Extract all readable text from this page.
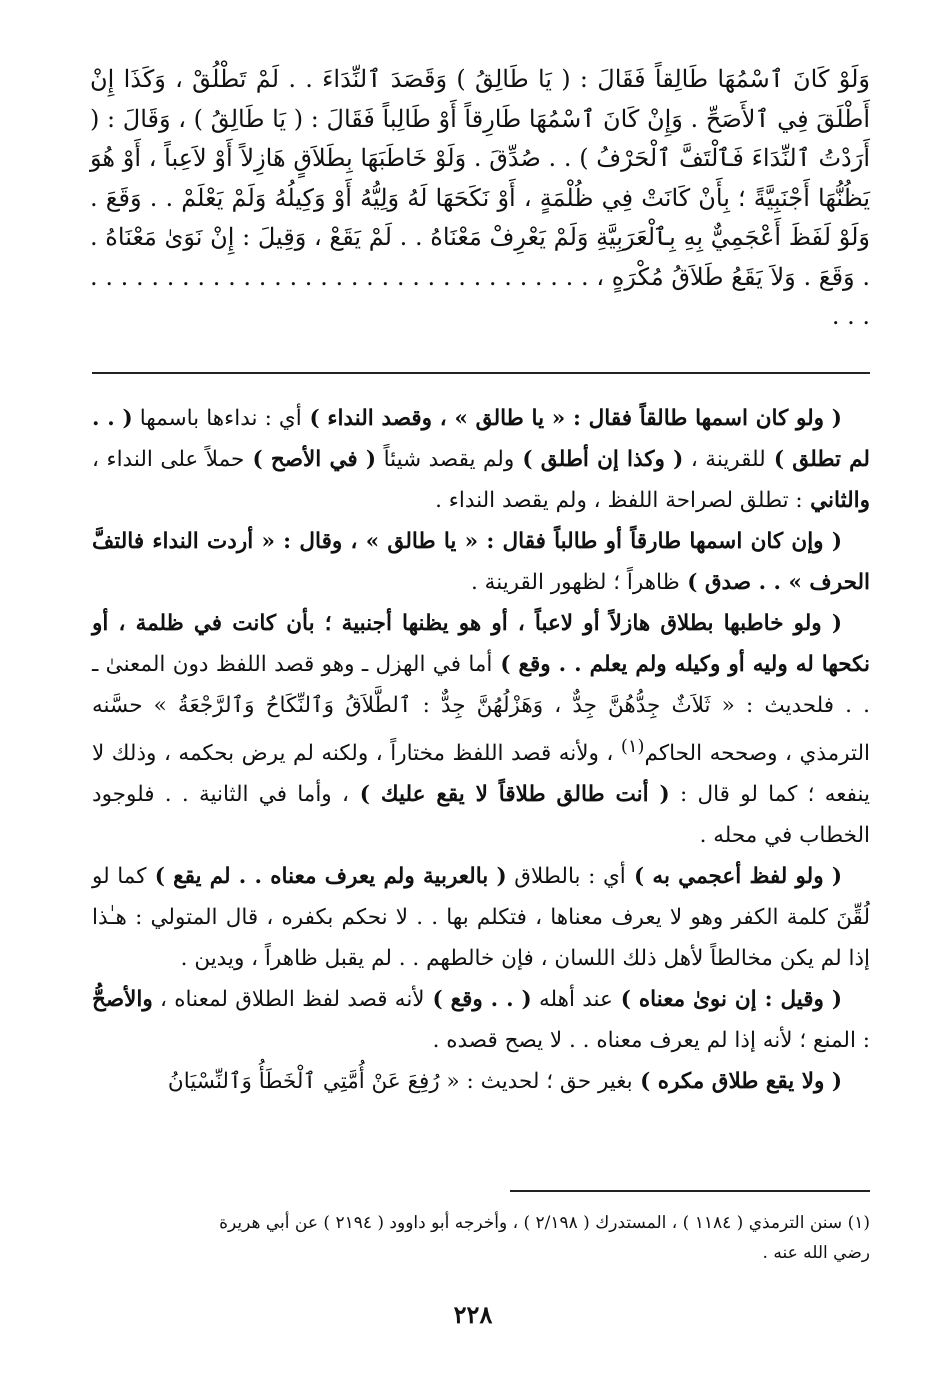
وَلَوْ كَانَ ٱسْمُهَا طَالِقاً فَقَالَ : ( يَا طَالِقُ ) وَقَصَدَ ٱلنِّدَاءَ . . لَمْ تَطْلُقْ ، وَكَذَا إِنْ أَطْلَقَ فِي ٱلأَصَحِّ . وَإِنْ كَانَ ٱسْمُهَا طَارِقاً أَوْ طَالِباً فَقَالَ : ( يَا طَالِقُ ) ، وَقَالَ : ( أَرَدْتُ ٱلنِّدَاءَ فَٱلْتَفَّ ٱلْحَرْفُ ) . . صُدِّقَ . وَلَوْ خَاطَبَهَا بِطَلاَقٍ هَازِلاً أَوْ لاَعِباً ، أَوْ هُوَ يَظُنُّهَا أَجْنَبِيَّةً ؛ بِأَنْ كَانَتْ فِي ظُلْمَةٍ ، أَوْ نَكَحَهَا لَهُ وَلِيُّهُ أَوْ وَكِيلُهُ وَلَمْ يَعْلَمْ . . وَقَعَ . وَلَوْ لَفَظَ أَعْجَمِيٌّ بِهِ بِٱلْعَرَبِيَّةِ وَلَمْ يَعْرِفْ مَعْنَاهُ . . لَمْ يَقَعْ ، وَقِيلَ : إِنْ نَوَىٰ مَعْنَاهُ . . وَقَعَ . وَلاَ يَقَعُ طَلاَقُ مُكْرَهٍ ، . . . . . . . . . . . . . . . . . . . . . . . . . . . . . . . . . . . .

( ولو كان اسمها طالقاً فقال : « يا طالق » ، وقصد النداء ) أي : نداءها باسمها ( . . لم تطلق ) للقرينة ، ( وكذا إن أطلق ) ولم يقصد شيئاً ( في الأصح ) حملاً على النداء ، والثاني : تطلق لصراحة اللفظ ، ولم يقصد النداء .

( وإن كان اسمها طارقاً أو طالباً فقال : « يا طالق » ، وقال : « أردت النداء فالتفَّ الحرف » . . صدق ) ظاهراً ؛ لظهور القرينة .

( ولو خاطبها بطلاق هازلاً أو لاعباً ، أو هو يظنها أجنبية ؛ بأن كانت في ظلمة ، أو نكحها له وليه أو وكيله ولم يعلم . . وقع ) أما في الهزل ـ وهو قصد اللفظ دون المعنىٰ ـ . . فلحديث : « ثَلاَثٌ جِدُّهُنَّ جِدٌّ ، وَهَزْلُهُنَّ جِدٌّ : ٱلطَّلاَقُ وَٱلنِّكَاحُ وَٱلرَّجْعَةُ » حسَّنه الترمذي ، وصححه الحاكم$^{(١)}$ ، ولأنه قصد اللفظ مختاراً ، ولكنه لم يرض بحكمه ، وذلك لا ينفعه ؛ كما لو قال : ( أنت طالق طلاقاً لا يقع عليك ) ، وأما في الثانية . . فلوجود الخطاب في محله .

( ولو لفظ أعجمي به ) أي : بالطلاق ( بالعربية ولم يعرف معناه . . لم يقع ) كما لو لُقِّنَ كلمة الكفر وهو لا يعرف معناها ، فتكلم بها . . لا نحكم بكفره ، قال المتولي : هـٰذا إذا لم يكن مخالطاً لأهل ذلك اللسان ، فإن خالطهم . . لم يقبل ظاهراً ، ويدين .

( وقيل : إن نوىٰ معناه ) عند أهله ( . . وقع ) لأنه قصد لفظ الطلاق لمعناه ، والأصحُّ : المنع ؛ لأنه إذا لم يعرف معناه . . لا يصح قصده .

( ولا يقع طلاق مكره ) بغير حق ؛ لحديث : « رُفِعَ عَنْ أُمَّتِي ٱلْخَطَأُ وَٱلنِّسْيَانُ

(١) سنن الترمذي ( ١١٨٤ ) ، المستدرك ( ٢/١٩٨ ) ، وأخرجه أبو داوود ( ٢١٩٤ ) عن أبي هريرة

رضي الله عنه .

٢٢٨
